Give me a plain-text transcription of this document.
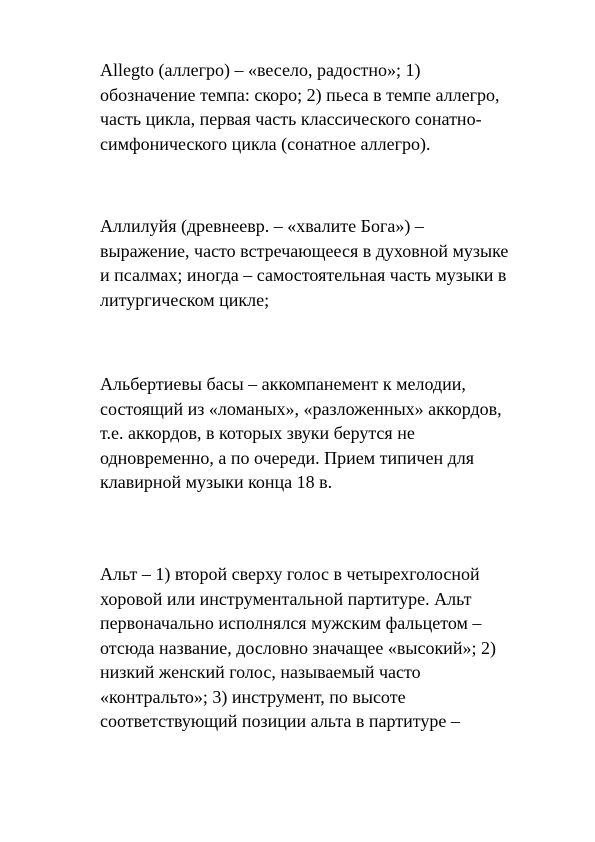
Allegto (аллегро) – «весело, радостно»; 1)
обозначение темпа: скоро; 2) пьеса в темпе аллегро,
часть цикла, первая часть классического сонатно-
симфонического цикла (сонатное аллегро).

Аллилуйя (древнеевр. – «хвалите Бога») –
выражение, часто встречающееся в духовной музыке
и псалмах; иногда – самостоятельная часть музыки в
литургическом цикле;

Альбертиевы басы – аккомпанемент к мелодии,
состоящий из «ломаных», «разложенных» аккордов,
т.е. аккордов, в которых звуки берутся не
одновременно, а по очереди. Прием типичен для
клавирной музыки конца 18 в.

Альт – 1) второй сверху голос в четырехголосной
хоровой или инструментальной партитуре. Альт
первоначально исполнялся мужским фальцетом –
отсюда название, дословно значащее «высокий»; 2)
низкий женский голос, называемый часто
«контральто»; 3) инструмент, по высоте
соответствующий позиции альта в партитуре –
